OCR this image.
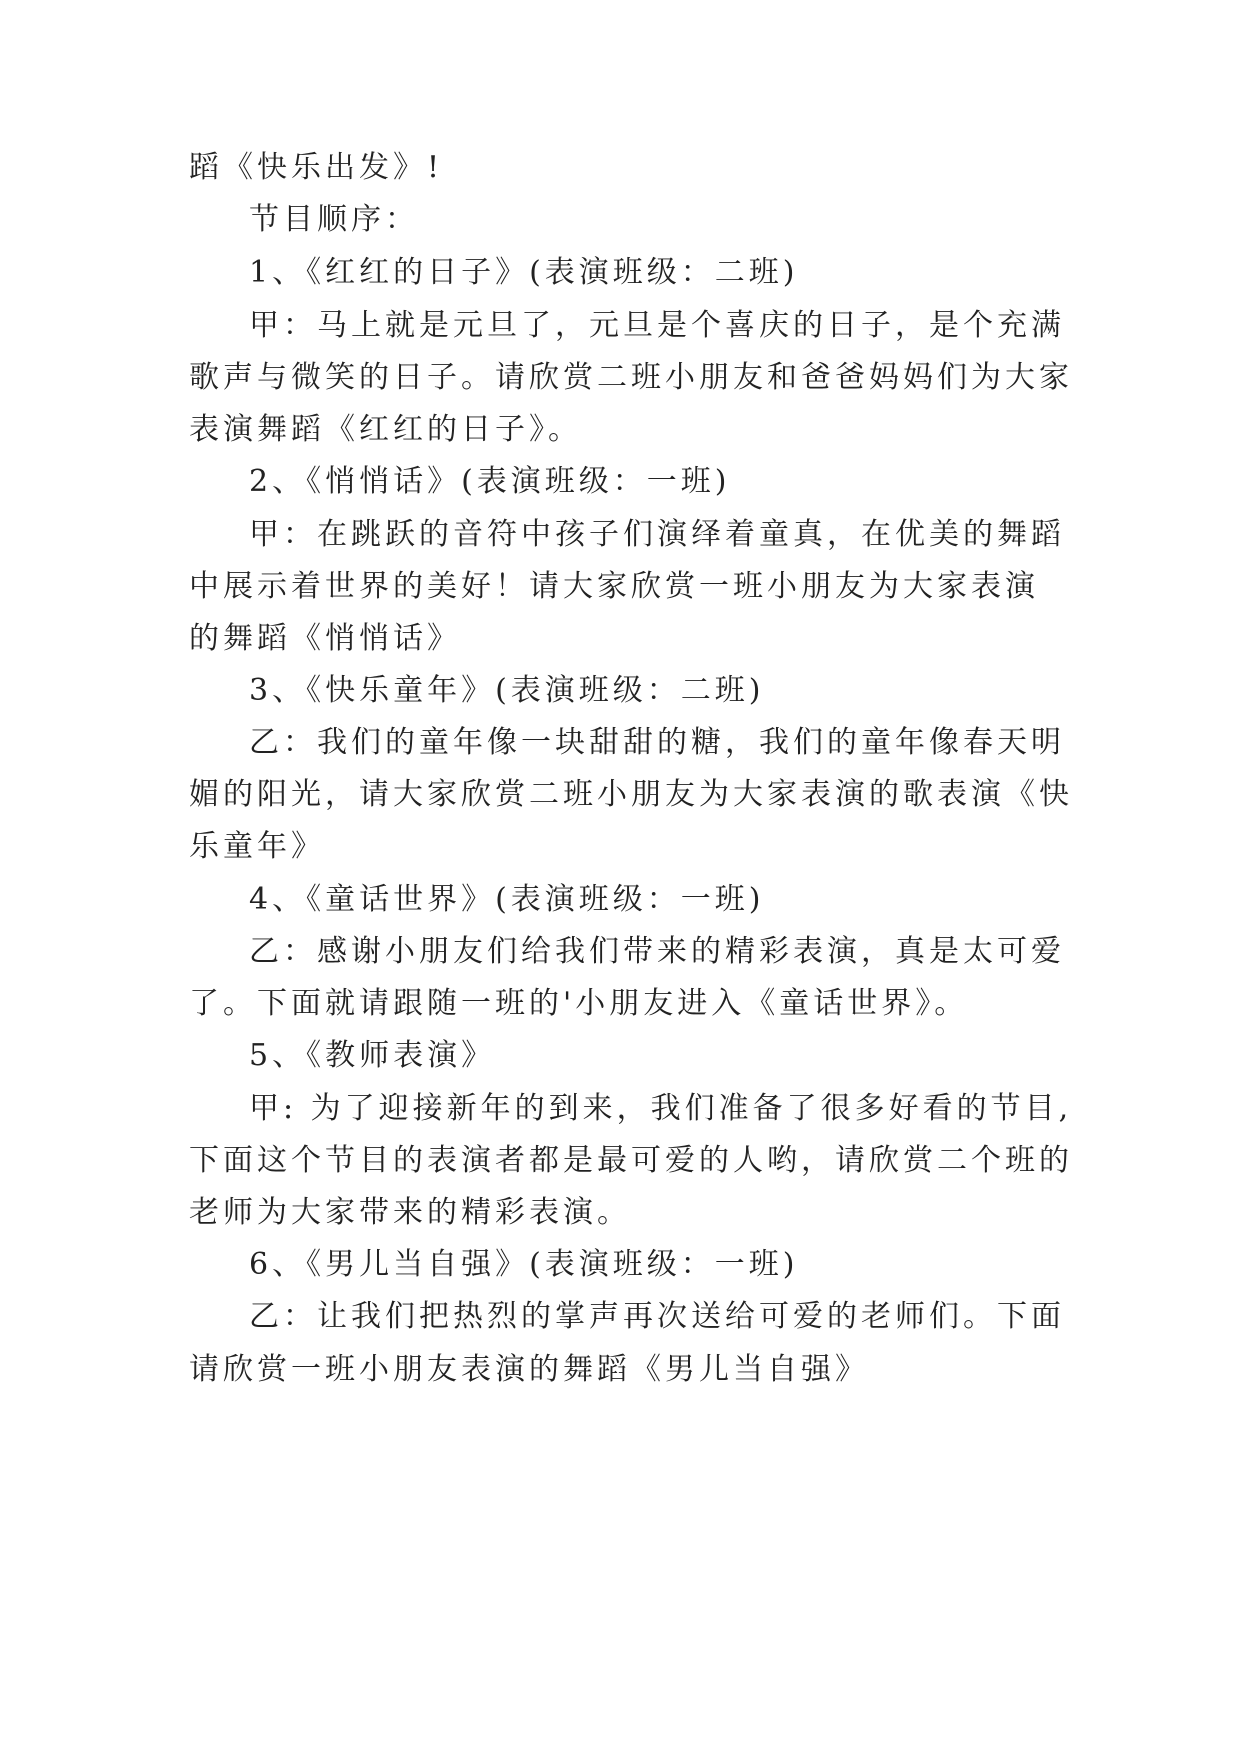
蹈《快乐出发》!
节目顺序：
1、《红红的日子》(表演班级：二班)
甲：马上就是元旦了，元旦是个喜庆的日子，是个充满
歌声与微笑的日子。请欣赏二班小朋友和爸爸妈妈们为大家
表演舞蹈《红红的日子》。
2、《悄悄话》(表演班级：一班)
甲：在跳跃的音符中孩子们演绎着童真，在优美的舞蹈
中展示着世界的美好！请大家欣赏一班小朋友为大家表演
的舞蹈《悄悄话》
3、《快乐童年》(表演班级：二班)
乙：我们的童年像一块甜甜的糖，我们的童年像春天明
媚的阳光，请大家欣赏二班小朋友为大家表演的歌表演《快
乐童年》
4、《童话世界》(表演班级：一班)
乙：感谢小朋友们给我们带来的精彩表演，真是太可爱
了。下面就请跟随一班的'小朋友进入《童话世界》。
5、《教师表演》
甲: 为了迎接新年的到来，我们准备了很多好看的节目,
下面这个节目的表演者都是最可爱的人哟，请欣赏二个班的
老师为大家带来的精彩表演。
6、《男儿当自强》(表演班级：一班)
乙：让我们把热烈的掌声再次送给可爱的老师们。下面
请欣赏一班小朋友表演的舞蹈《男儿当自强》
